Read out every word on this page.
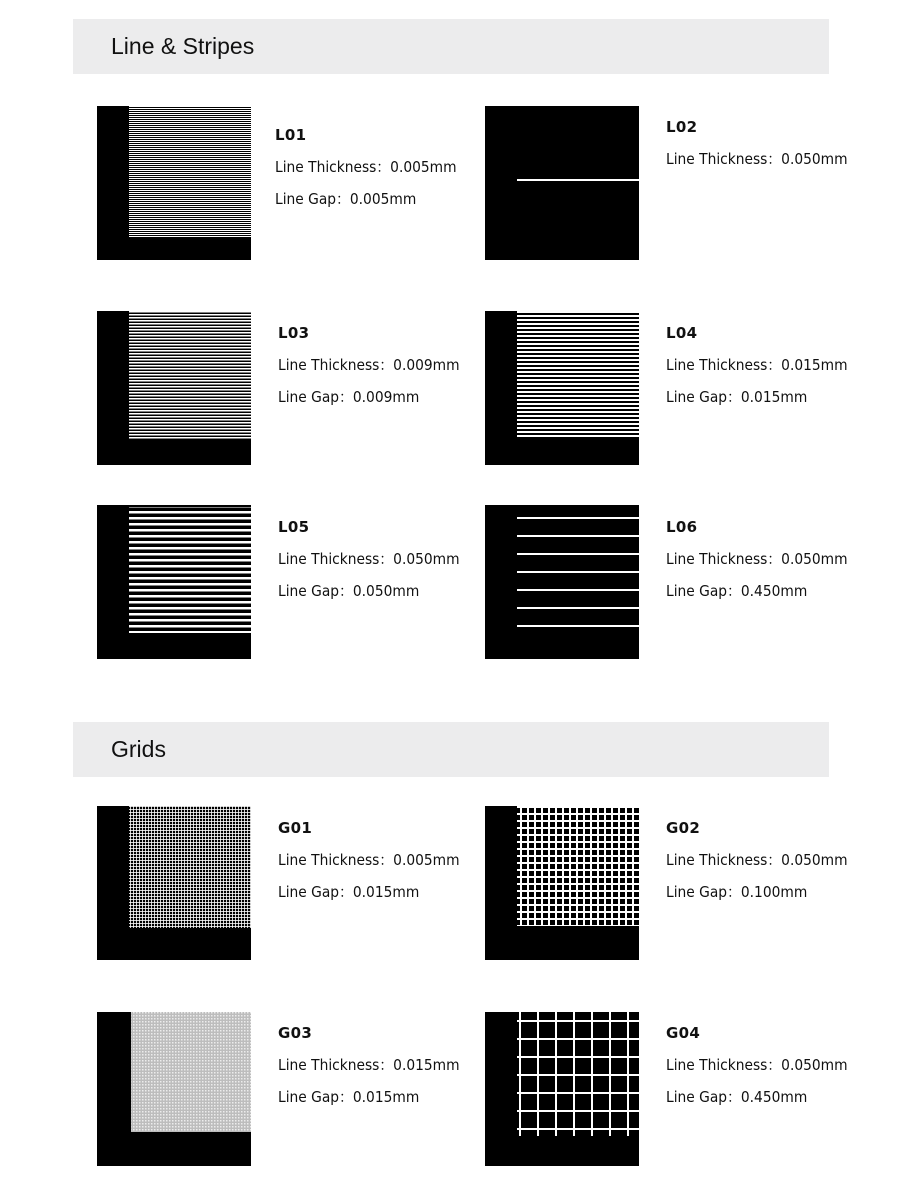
Line & Stripes
Grids
L01
Line Thickness：0.005mm
Line Gap：0.005mm
L02
Line Thickness：0.050mm
L03
Line Thickness：0.009mm
Line Gap：0.009mm
L04
Line Thickness：0.015mm
Line Gap：0.015mm
L05
Line Thickness：0.050mm
Line Gap：0.050mm
L06
Line Thickness：0.050mm
Line Gap：0.450mm
G01
Line Thickness：0.005mm
Line Gap：0.015mm
G02
Line Thickness：0.050mm
Line Gap：0.100mm
G03
Line Thickness：0.015mm
Line Gap：0.015mm
G04
Line Thickness：0.050mm
Line Gap：0.450mm
